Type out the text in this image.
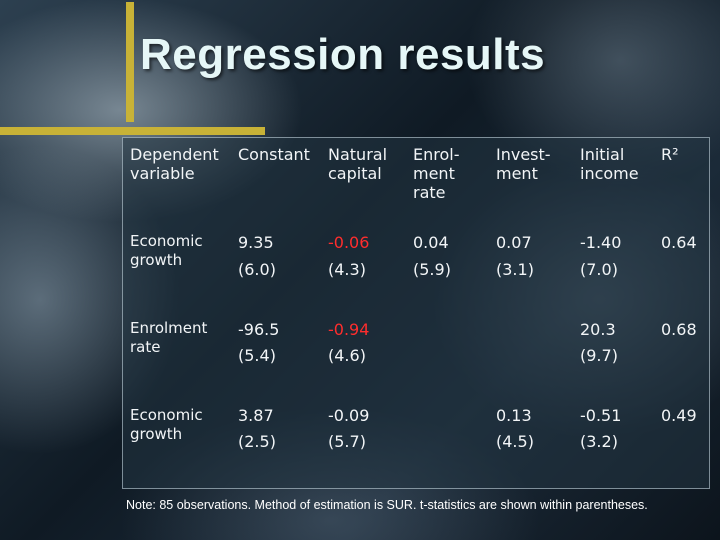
Regression results
Dependent variable
Constant Natural capital
Enrol- ment rate
Invest- ment
Initial income
R²
Economic growth
9.35
(6.0)
-0.06
(4.3)
0.04
(5.9)
0.07
(3.1)
-1.40
(7.0)
0.64
Enrolment rate
-96.5
(5.4)
-0.94
(4.6)
20.3
(9.7)
0.68
Economic growth
3.87
(2.5)
-0.09
(5.7)
0.13
(4.5)
-0.51
(3.2)
0.49
Note: 85 observations. Method of estimation is SUR. t-statistics are shown within parentheses.
